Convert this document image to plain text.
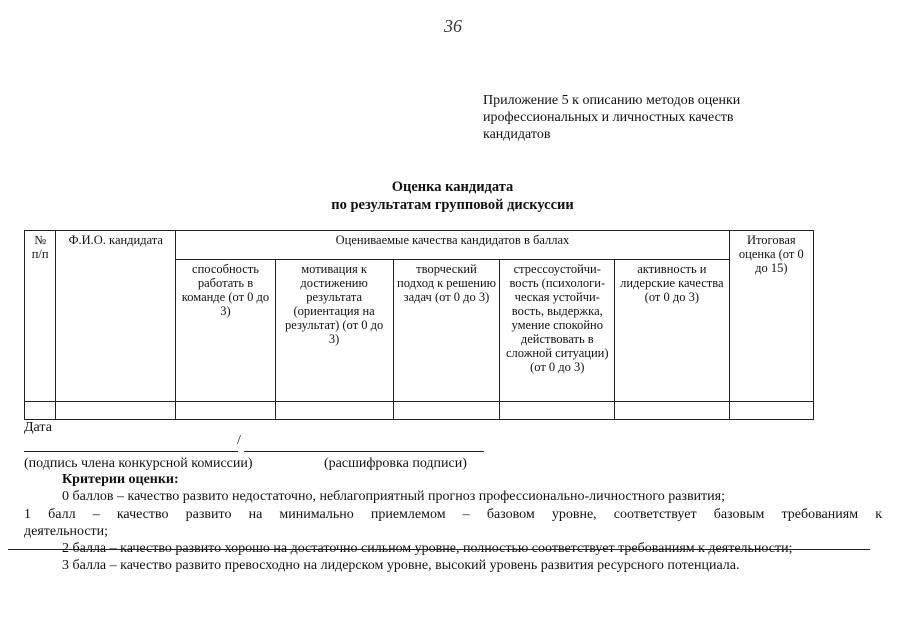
36
Приложение 5 к описанию методов оценки
ирофессиональных и личностных качеств
кандидатов
Оценка кандидата
по результатам групповой дискуссии
№ п/п	Ф.И.О. кандидата	Оцениваемые качества кандидатов в баллах					Итоговая оценка (от 0 до 15)
		способность работать в команде (от 0 до 3)	мотивация к достижению результата (ориентация на результат) (от 0 до 3)	творческий подход к решению задач (от 0 до 3)	стрессоустойчи-вость (психологи-ческая устойчи-вость, выдержка, умение спокойно действовать в сложной ситуации) (от 0 до 3)	активность и лидерские качества (от 0 до 3)	

Дата
/
(подпись члена конкурсной комиссии)	(расшифровка подписи)
Критерии оценки:
0 баллов – качество развито недостаточно, неблагоприятный прогноз профессионально-личностного развития;
1 балл – качество развито на минимально приемлемом – базовом уровне, соответствует базовым требованиям к
деятельности;
2 балла – качество развито хорошо на достаточно сильном уровне, полностью соответствует требованиям к деятельности;
3 балла – качество развито превосходно на лидерском уровне, высокий уровень развития ресурсного потенциала.
